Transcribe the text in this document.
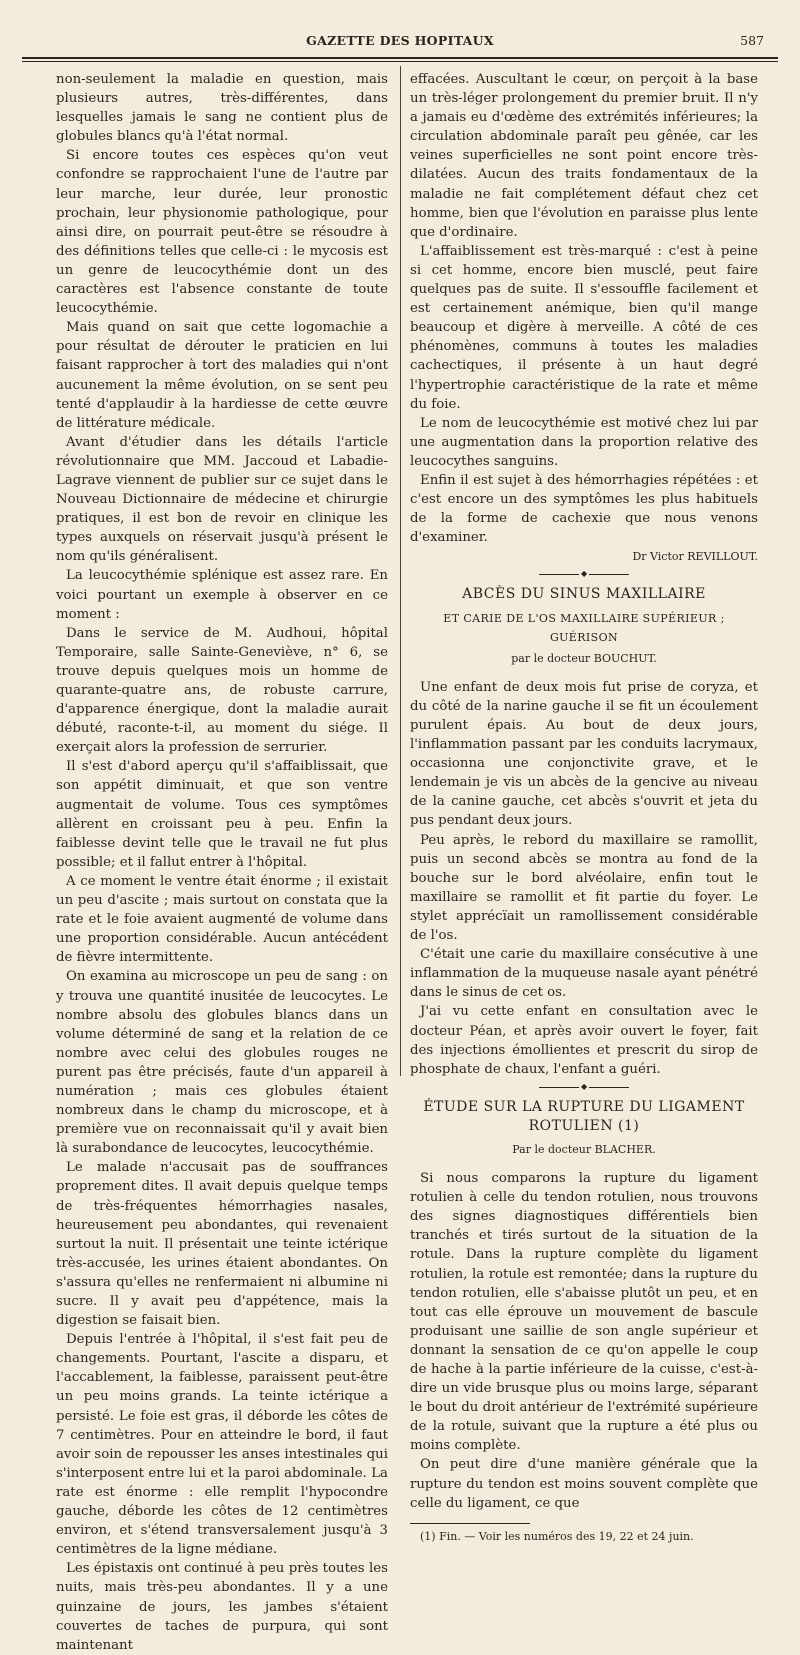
GAZETTE DES HOPITAUX	587

non-seulement la maladie en question, mais plusieurs autres, très-différentes, dans lesquelles jamais le sang ne contient plus de globules blancs qu'à l'état normal.

Si encore toutes ces espèces qu'on veut confondre se rapprochaient l'une de l'autre par leur marche, leur durée, leur pronostic prochain, leur physionomie pathologique, pour ainsi dire, on pourrait peut-être se résoudre à des définitions telles que celle-ci : le mycosis est un genre de leucocythémie dont un des caractères est l'absence constante de toute leucocythémie.

Mais quand on sait que cette logomachie a pour résultat de dérouter le praticien en lui faisant rapprocher à tort des maladies qui n'ont aucunement la même évolution, on se sent peu tenté d'applaudir à la hardiesse de cette œuvre de littérature médicale.

Avant d'étudier dans les détails l'article révolutionnaire que MM. Jaccoud et Labadie-Lagrave viennent de publier sur ce sujet dans le Nouveau Dictionnaire de médecine et chirurgie pratiques, il est bon de revoir en clinique les types auxquels on réservait jusqu'à présent le nom qu'ils généralisent.

La leucocythémie splénique est assez rare. En voici pourtant un exemple à observer en ce moment :

Dans le service de M. Audhoui, hôpital Temporaire, salle Sainte-Geneviève, n° 6, se trouve depuis quelques mois un homme de quarante-quatre ans, de robuste carrure, d'apparence énergique, dont la maladie aurait débuté, raconte-t-il, au moment du siége. Il exerçait alors la profession de serrurier.

Il s'est d'abord aperçu qu'il s'affaiblissait, que son appétit diminuait, et que son ventre augmentait de volume. Tous ces symptômes allèrent en croissant peu à peu. Enfin la faiblesse devint telle que le travail ne fut plus possible; et il fallut entrer à l'hôpital.

A ce moment le ventre était énorme ; il existait un peu d'ascite ; mais surtout on constata que la rate et le foie avaient augmenté de volume dans une proportion considérable. Aucun antécédent de fièvre intermittente.

On examina au microscope un peu de sang : on y trouva une quantité inusitée de leucocytes. Le nombre absolu des globules blancs dans un volume déterminé de sang et la relation de ce nombre avec celui des globules rouges ne purent pas être précisés, faute d'un appareil à numération ; mais ces globules étaient nombreux dans le champ du microscope, et à première vue on reconnaissait qu'il y avait bien là surabondance de leucocytes, leucocythémie.

Le malade n'accusait pas de souffrances proprement dites. Il avait depuis quelque temps de très-fréquentes hémorrhagies nasales, heureusement peu abondantes, qui revenaient surtout la nuit. Il présentait une teinte ictérique très-accusée, les urines étaient abondantes. On s'assura qu'elles ne renfermaient ni albumine ni sucre. Il y avait peu d'appétence, mais la digestion se faisait bien.

Depuis l'entrée à l'hôpital, il s'est fait peu de changements. Pourtant, l'ascite a disparu, et l'accablement, la faiblesse, paraissent peut-être un peu moins grands. La teinte ictérique a persisté. Le foie est gras, il déborde les côtes de 7 centimètres. Pour en atteindre le bord, il faut avoir soin de repousser les anses intestinales qui s'interposent entre lui et la paroi abdominale. La rate est énorme : elle remplit l'hypocondre gauche, déborde les côtes de 12 centimètres environ, et s'étend transversalement jusqu'à 3 centimètres de la ligne médiane.

Les épistaxis ont continué à peu près toutes les nuits, mais très-peu abondantes. Il y a une quinzaine de jours, les jambes s'étaient couvertes de taches de purpura, qui sont maintenant

effacées. Auscultant le cœur, on perçoit à la base un très-léger prolongement du premier bruit. Il n'y a jamais eu d'œdème des extrémités inférieures; la circulation abdominale paraît peu gênée, car les veines superficielles ne sont point encore très-dilatées. Aucun des traits fondamentaux de la maladie ne fait complétement défaut chez cet homme, bien que l'évolution en paraisse plus lente que d'ordinaire.

L'affaiblissement est très-marqué : c'est à peine si cet homme, encore bien musclé, peut faire quelques pas de suite. Il s'essouffle facilement et est certainement anémique, bien qu'il mange beaucoup et digère à merveille. A côté de ces phénomènes, communs à toutes les maladies cachectiques, il présente à un haut degré l'hypertrophie caractéristique de la rate et même du foie.

Le nom de leucocythémie est motivé chez lui par une augmentation dans la proportion relative des leucocythes sanguins.

Enfin il est sujet à des hémorrhagies répétées : et c'est encore un des symptômes les plus habituels de la forme de cachexie que nous venons d'examiner.

Dr Victor REVILLOUT.
◆
ABCÈS DU SINUS MAXILLAIRE
ET CARIE DE L'OS MAXILLAIRE SUPÉRIEUR ; GUÉRISON
par le docteur BOUCHUT.

Une enfant de deux mois fut prise de coryza, et du côté de la narine gauche il se fit un écoulement purulent épais. Au bout de deux jours, l'inflammation passant par les conduits lacrymaux, occasionna une conjonctivite grave, et le lendemain je vis un abcès de la gencive au niveau de la canine gauche, cet abcès s'ouvrit et jeta du pus pendant deux jours.

Peu après, le rebord du maxillaire se ramollit, puis un second abcès se montra au fond de la bouche sur le bord alvéolaire, enfin tout le maxillaire se ramollit et fit partie du foyer. Le stylet apprécïait un ramollissement considérable de l'os.

C'était une carie du maxillaire consécutive à une inflammation de la muqueuse nasale ayant pénétré dans le sinus de cet os.

J'ai vu cette enfant en consultation avec le docteur Péan, et après avoir ouvert le foyer, fait des injections émollientes et prescrit du sirop de phosphate de chaux, l'enfant a guéri.

◆
ÉTUDE SUR LA RUPTURE DU LIGAMENT ROTULIEN (1)
Par le docteur BLACHER.

Si nous comparons la rupture du ligament rotulien à celle du tendon rotulien, nous trouvons des signes diagnostiques différentiels bien tranchés et tirés surtout de la situation de la rotule. Dans la rupture complète du ligament rotulien, la rotule est remontée; dans la rupture du tendon rotulien, elle s'abaisse plutôt un peu, et en tout cas elle éprouve un mouvement de bascule produisant une saillie de son angle supérieur et donnant la sensation de ce qu'on appelle le coup de hache à la partie inférieure de la cuisse, c'est-à-dire un vide brusque plus ou moins large, séparant le bout du droit antérieur de l'extrémité supérieure de la rotule, suivant que la rupture a été plus ou moins complète.

On peut dire d'une manière générale que la rupture du tendon est moins souvent complète que celle du ligament, ce que

(1) Fin. — Voir les numéros des 19, 22 et 24 juin.
